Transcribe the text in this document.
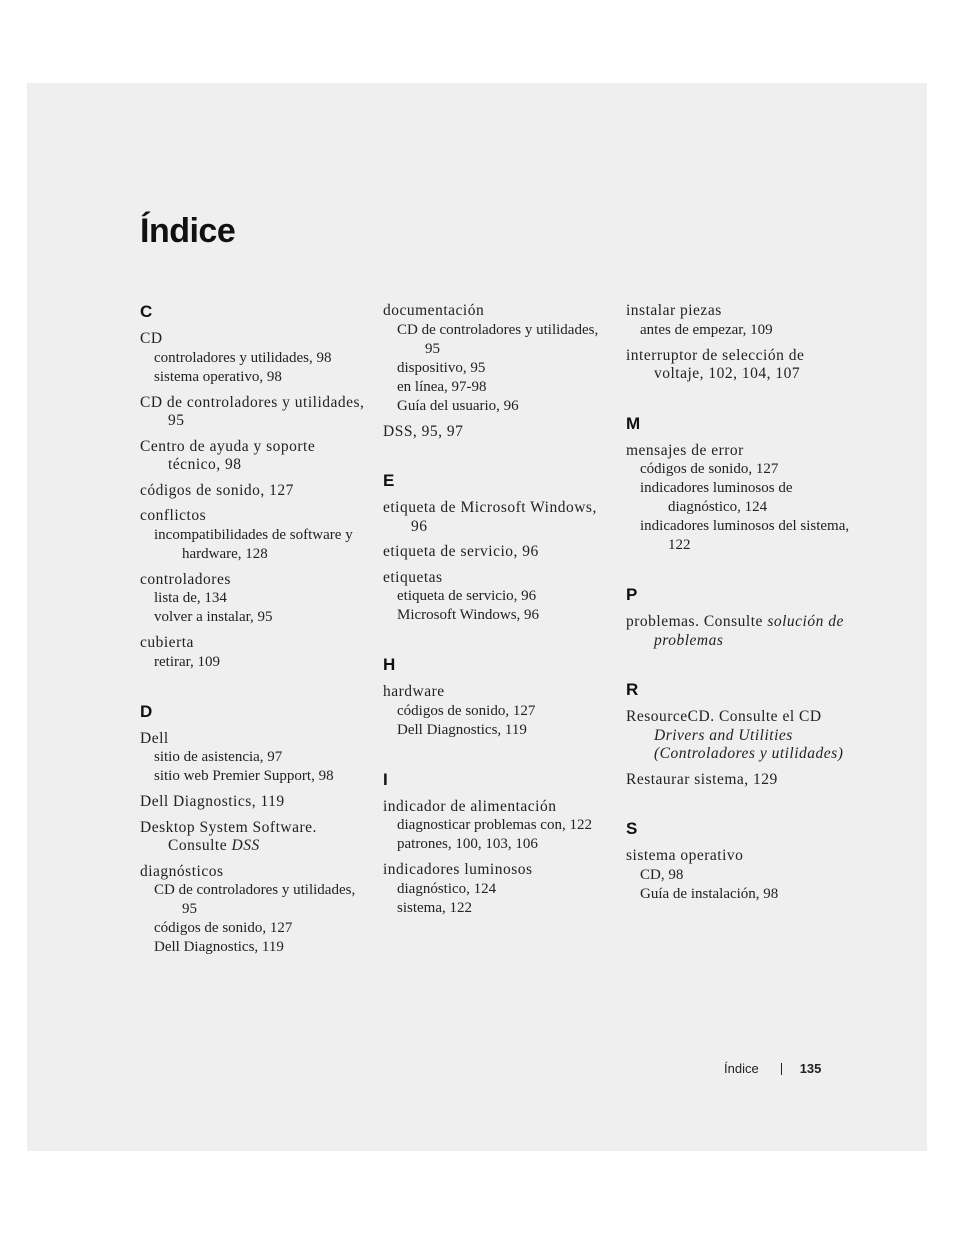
Índice
C
CD
controladores y utilidades, 98
sistema operativo, 98
CD de controladores y utilidades, 95
Centro de ayuda y soporte técnico, 98
códigos de sonido, 127
conflictos
incompatibilidades de software y hardware, 128
controladores
lista de, 134
volver a instalar, 95
cubierta
retirar, 109
D
Dell
sitio de asistencia, 97
sitio web Premier Support, 98
Dell Diagnostics, 119
Desktop System Software. Consulte DSS
diagnósticos
CD de controladores y utilidades, 95
códigos de sonido, 127
Dell Diagnostics, 119
documentación
CD de controladores y utilidades, 95
dispositivo, 95
en línea, 97-98
Guía del usuario, 96
DSS, 95, 97
E
etiqueta de Microsoft Windows, 96
etiqueta de servicio, 96
etiquetas
etiqueta de servicio, 96
Microsoft Windows, 96
H
hardware
códigos de sonido, 127
Dell Diagnostics, 119
I
indicador de alimentación
diagnosticar problemas con, 122
patrones, 100, 103, 106
indicadores luminosos
diagnóstico, 124
sistema, 122
instalar piezas
antes de empezar, 109
interruptor de selección de voltaje, 102, 104, 107
M
mensajes de error
códigos de sonido, 127
indicadores luminosos de diagnóstico, 124
indicadores luminosos del sistema, 122
P
problemas. Consulte solución de problemas
R
ResourceCD. Consulte el CD Drivers and Utilities (Controladores y utilidades)
Restaurar sistema, 129
S
sistema operativo
CD, 98
Guía de instalación, 98
Índice	135
